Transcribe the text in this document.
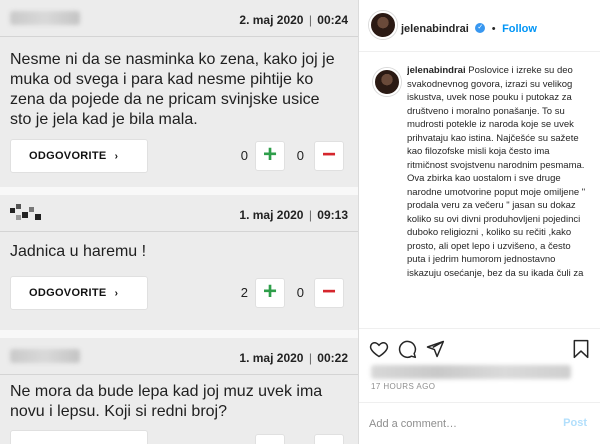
2. maj 2020 | 00:24
Nesme ni da se nasminka ko zena, kako joj je muka od svega i para kad nesme pihtije ko zena da pojede da ne pricam svinjske usice sto je jela kad je bila mala.
ODGOVORITE ›	0 +	0 −
1. maj 2020 | 09:13
Jadnica u haremu !
ODGOVORITE ›	2 +	0 −
1. maj 2020 | 00:22
Ne mora da bude lepa kad joj muz uvek ima novu i lepsu. Koji si redni broj?
jelenabindrai ✓ • Follow
jelenabindrai Poslovice i izreke su deo svakodnevnog govora, izrazi su velikog iskustva, uvek nose pouku i putokaz za društveno i moralno ponašanje. To su mudrosti potekle iz naroda koje se uvek prihvataju kao istina. Najčešće su sažete kao filozofske misli koja često ima ritmičnost svojstvenu narodnim pesmama.
Ova zbirka kao uostalom i sve druge narodne umotvorine poput moje omiljene " prodala veru za večeru " jasan su dokaz koliko su ovi divni produhovljeni pojedinci duboko religiozni , koliko su rečiti ,kako prosto, ali opet lepo i uzvišeno, a često puta i jedrim humorom jednostavno iskazuju osećanje, bez da su ikada čuli za
17 HOURS AGO
Add a comment…
Post
